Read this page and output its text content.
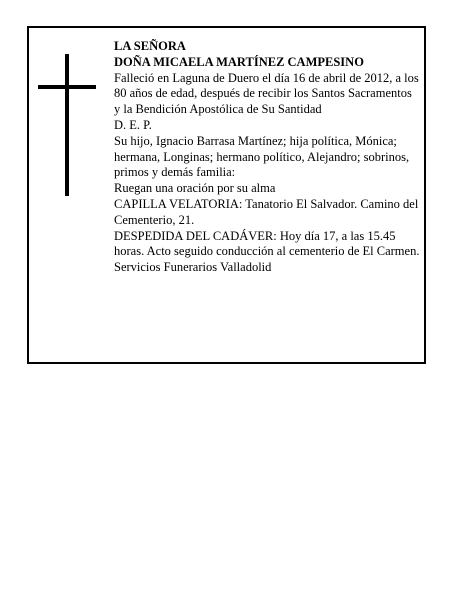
LA SEÑORA

DOÑA MICAELA MARTÍNEZ CAMPESINO

Falleció en Laguna de Duero el día 16 de abril de 2012, a los 80 años de edad, después de recibir los Santos Sacramentos y la Bendición Apostólica de Su Santidad

D. E. P.

Su hijo, Ignacio Barrasa Martínez; hija política, Mónica; hermana, Longinas; hermano político, Alejandro; sobrinos, primos y demás familia:

Ruegan una oración por su alma

CAPILLA VELATORIA: Tanatorio El Salvador. Camino del Cementerio, 21.

DESPEDIDA DEL CADÁVER: Hoy día 17, a las 15.45 horas. Acto seguido conducción al cementerio de El Carmen.

Servicios Funerarios Valladolid
